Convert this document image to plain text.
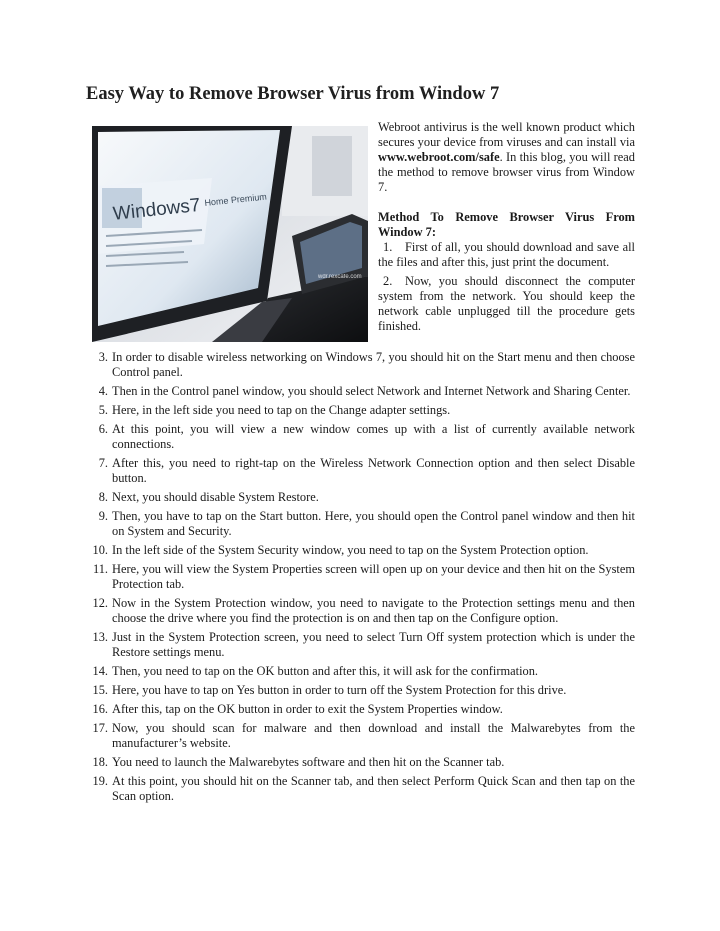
Easy Way to Remove Browser Virus from Window 7
Windows7 Home Premium
wdr.rexcafe.com

Webroot antivirus is the well known product which secures your device from viruses and can install via www.webroot.com/safe. In this blog, you will read the method to remove browser virus from Window 7.

Method To Remove Browser Virus From Window 7:

1. First of all, you should download and save all the files and after this, just print the document.

2. Now, you should disconnect the computer system from the network. You should keep the network cable unplugged till the procedure gets finished.

3 . In order to disable wireless networking on Windows 7, you should hit on the Start menu and then choose Control panel.
4 . Then in the Control panel window, you should select Network and Internet Network and Sharing Center.
5 . Here, in the left side you need to tap on the Change adapter settings.
6 . At this point, you will view a new window comes up with a list of currently available network connections.
7 . After this, you need to right-tap on the Wireless Network Connection option and then select Disable button.
8 . Next, you should disable System Restore.
9 . Then, you have to tap on the Start button. Here, you should open the Control panel window and then hit on System and Security.
10 . In the left side of the System Security window, you need to tap on the System Protection option.
11 . Here, you will view the System Properties screen will open up on your device and then hit on the System Protection tab.
12 . Now in the System Protection window, you need to navigate to the Protection settings menu and then choose the drive where you find the protection is on and then tap on the Configure option.
13 . Just in the System Protection screen, you need to select Turn Off system protection which is under the Restore settings menu.
14 . Then, you need to tap on the OK button and after this, it will ask for the confirmation.
15 . Here, you have to tap on Yes button in order to turn off the System Protection for this drive.
16 . After this, tap on the OK button in order to exit the System Properties window.
17 . Now, you should scan for malware and then download and install the Malwarebytes from the manufacturer’s website.
18 . You need to launch the Malwarebytes software and then hit on the Scanner tab.
19 . At this point, you should hit on the Scanner tab, and then select Perform Quick Scan and then tap on the Scan option.
